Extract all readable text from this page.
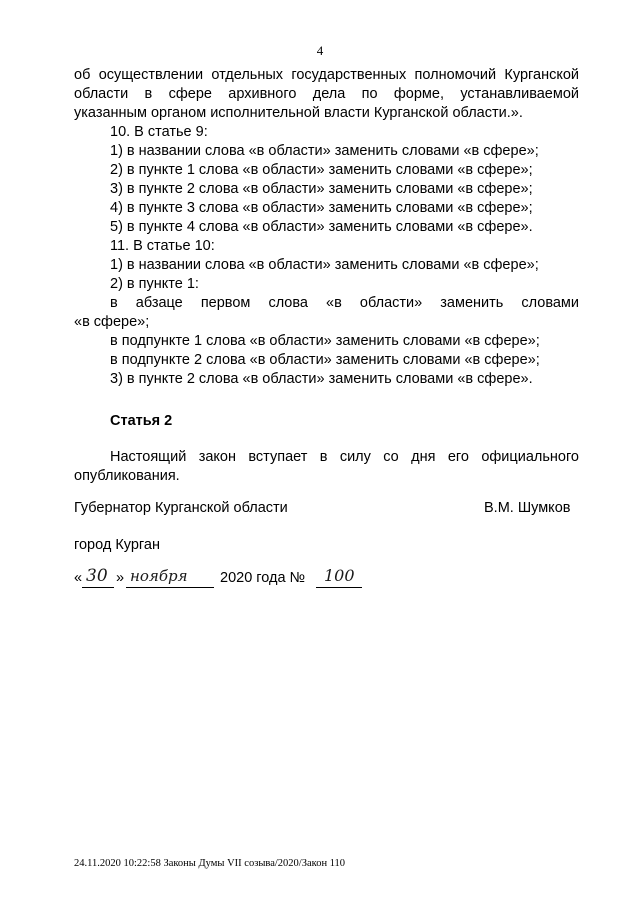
4
об осуществлении отдельных государственных полномочий Курганской
области в сфере архивного дела по форме, устанавливаемой
указанным органом исполнительной власти Курганской области.».
10. В статье 9:
1) в названии слова «в области» заменить словами «в сфере»;
2) в пункте 1 слова «в области» заменить словами «в сфере»;
3) в пункте 2 слова «в области» заменить словами «в сфере»;
4) в пункте 3 слова «в области» заменить словами «в сфере»;
5) в пункте 4 слова «в области» заменить словами «в сфере».
11. В статье 10:
1) в названии слова «в области» заменить словами «в сфере»;
2) в пункте 1:
в абзаце первом слова «в области» заменить словами
«в сфере»;
в подпункте 1 слова «в области» заменить словами «в сфере»;
в подпункте 2 слова «в области» заменить словами «в сфере»;
3) в пункте 2 слова «в области» заменить словами «в сфере».
Статья 2
Настоящий закон вступает в силу со дня его официального
опубликования.
Губернатор Курганской области	В.М. Шумков
город Курган
« 30 » ноября 2020 года № 100
24.11.2020 10:22:58 Законы Думы VII созыва/2020/Закон 110
